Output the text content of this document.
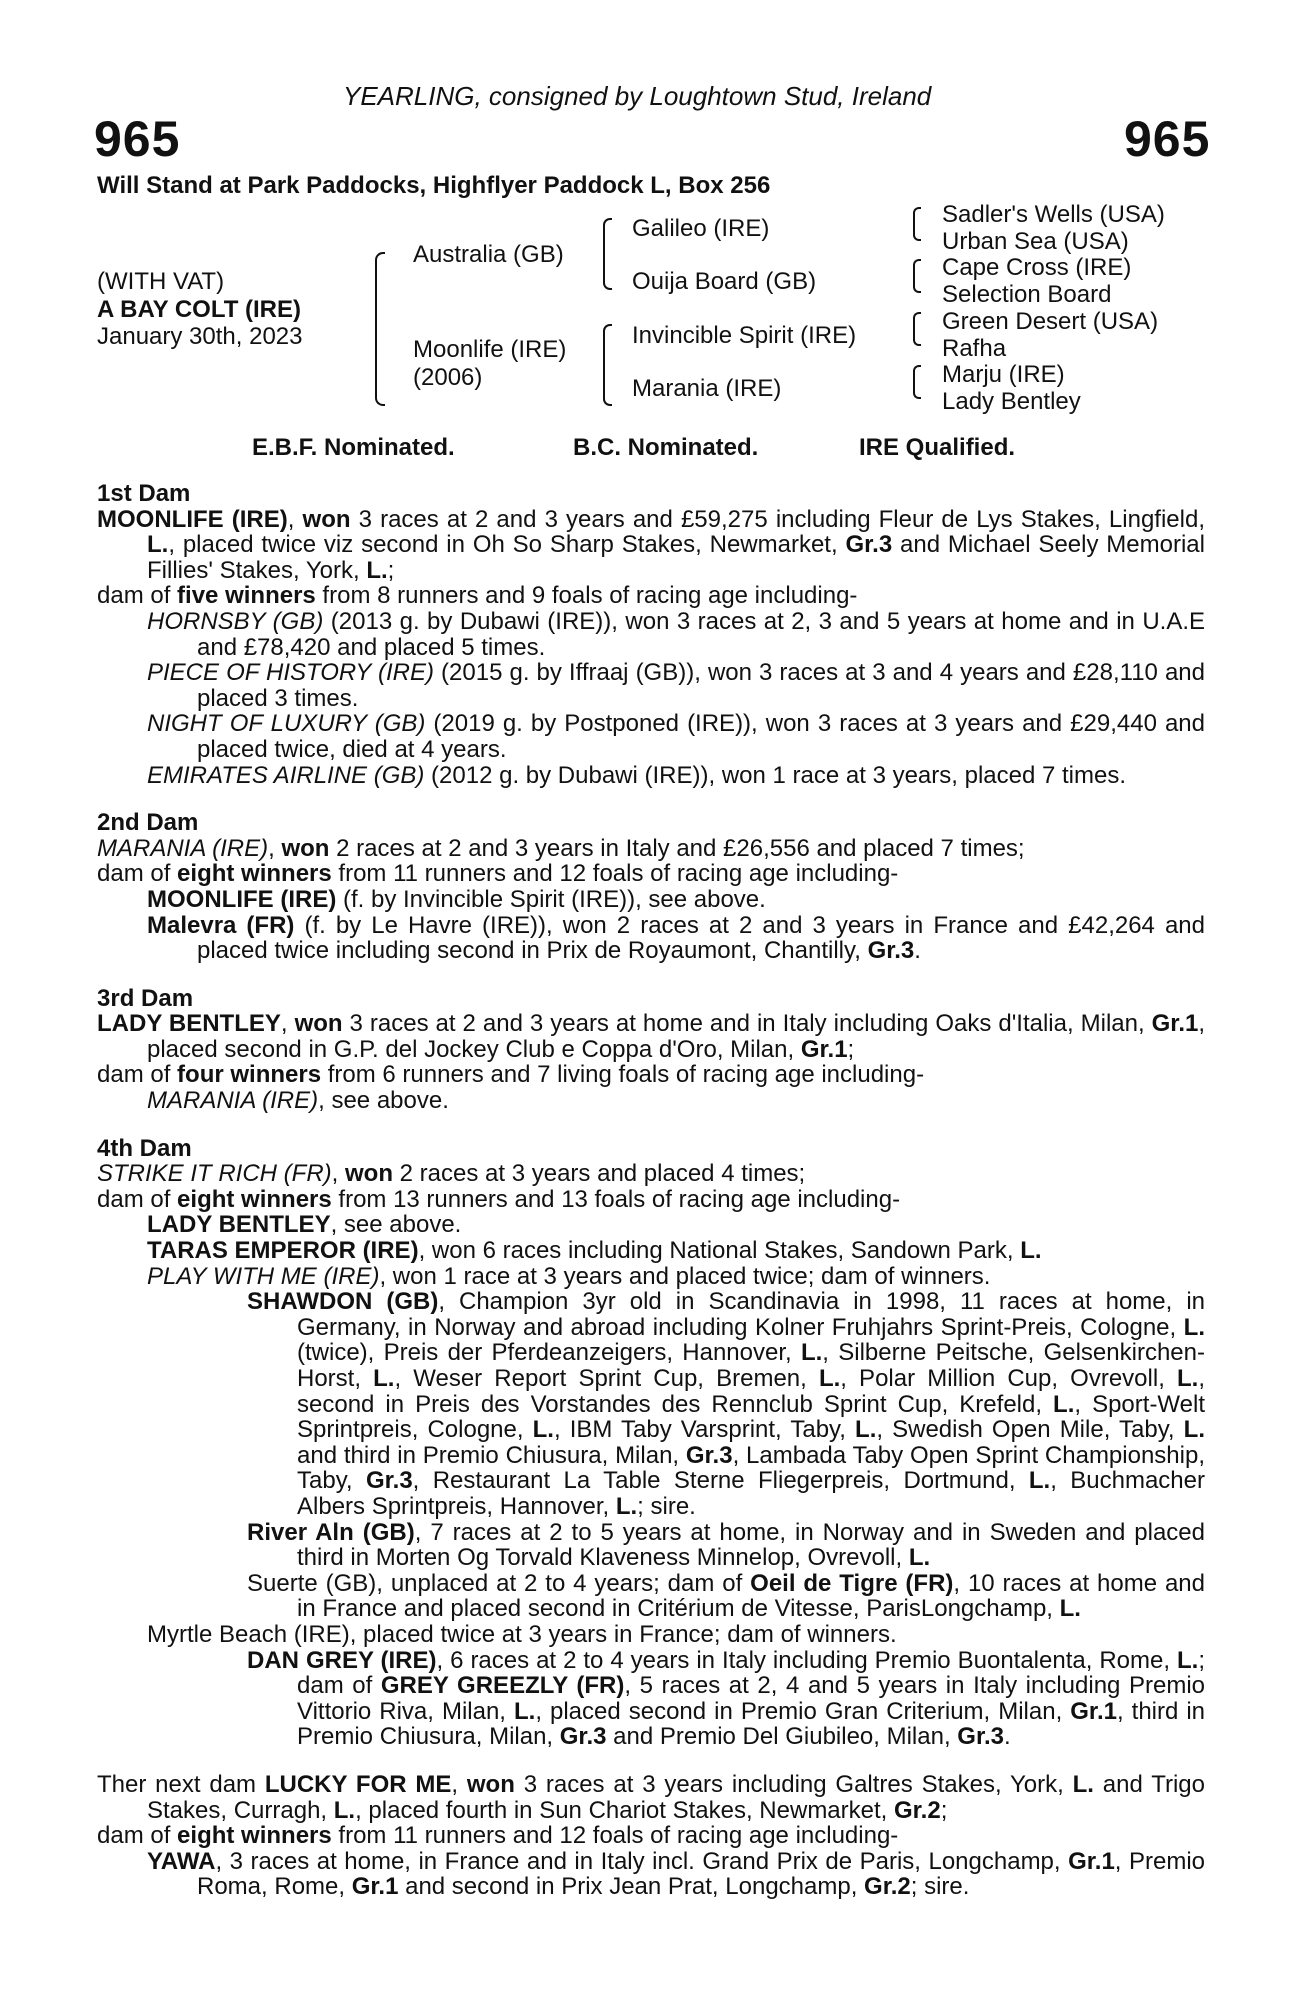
YEARLING, consigned by Loughtown Stud, Ireland
965	965
Will Stand at Park Paddocks, Highflyer Paddock L, Box 256
(WITH VAT)
A BAY COLT (IRE)
January 30th, 2023
Australia (GB)
Moonlife (IRE)
(2006)
Galileo (IRE)
Ouija Board (GB)
Invincible Spirit (IRE)
Marania (IRE)
Sadler's Wells (USA)
Urban Sea (USA)
Cape Cross (IRE)
Selection Board
Green Desert (USA)
Rafha
Marju (IRE)
Lady Bentley
E.B.F. Nominated.	B.C. Nominated.	IRE Qualified.

1st Dam

MOONLIFE (IRE), won 3 races at 2 and 3 years and £59,275 including Fleur de Lys Stakes, Lingfield, L., placed twice viz second in Oh So Sharp Stakes, Newmarket, Gr.3 and Michael Seely Memorial Fillies' Stakes, York, L.;

dam of five winners from 8 runners and 9 foals of racing age including-

HORNSBY (GB) (2013 g. by Dubawi (IRE)), won 3 races at 2, 3 and 5 years at home and in U.A.E and £78,420 and placed 5 times.

PIECE OF HISTORY (IRE) (2015 g. by Iffraaj (GB)), won 3 races at 3 and 4 years and £28,110 and placed 3 times.

NIGHT OF LUXURY (GB) (2019 g. by Postponed (IRE)), won 3 races at 3 years and £29,440 and placed twice, died at 4 years.

EMIRATES AIRLINE (GB) (2012 g. by Dubawi (IRE)), won 1 race at 3 years, placed 7 times.

2nd Dam

MARANIA (IRE), won 2 races at 2 and 3 years in Italy and £26,556 and placed 7 times;

dam of eight winners from 11 runners and 12 foals of racing age including-

MOONLIFE (IRE) (f. by Invincible Spirit (IRE)), see above.

Malevra (FR) (f. by Le Havre (IRE)), won 2 races at 2 and 3 years in France and £42,264 and placed twice including second in Prix de Royaumont, Chantilly, Gr.3.

3rd Dam

LADY BENTLEY, won 3 races at 2 and 3 years at home and in Italy including Oaks d'Italia, Milan, Gr.1, placed second in G.P. del Jockey Club e Coppa d'Oro, Milan, Gr.1;

dam of four winners from 6 runners and 7 living foals of racing age including-

MARANIA (IRE), see above.

4th Dam

STRIKE IT RICH (FR), won 2 races at 3 years and placed 4 times;

dam of eight winners from 13 runners and 13 foals of racing age including-

LADY BENTLEY, see above.

TARAS EMPEROR (IRE), won 6 races including National Stakes, Sandown Park, L.

PLAY WITH ME (IRE), won 1 race at 3 years and placed twice; dam of winners.

SHAWDON (GB), Champion 3yr old in Scandinavia in 1998, 11 races at home, in Germany, in Norway and abroad including Kolner Fruhjahrs Sprint-Preis, Cologne, L. (twice), Preis der Pferdeanzeigers, Hannover, L., Silberne Peitsche, Gelsenkirchen-Horst, L., Weser Report Sprint Cup, Bremen, L., Polar Million Cup, Ovrevoll, L., second in Preis des Vorstandes des Rennclub Sprint Cup, Krefeld, L., Sport-Welt Sprintpreis, Cologne, L., IBM Taby Varsprint, Taby, L., Swedish Open Mile, Taby, L. and third in Premio Chiusura, Milan, Gr.3, Lambada Taby Open Sprint Championship, Taby, Gr.3, Restaurant La Table Sterne Fliegerpreis, Dortmund, L., Buchmacher Albers Sprintpreis, Hannover, L.; sire.

River Aln (GB), 7 races at 2 to 5 years at home, in Norway and in Sweden and placed third in Morten Og Torvald Klaveness Minnelop, Ovrevoll, L.

Suerte (GB), unplaced at 2 to 4 years; dam of Oeil de Tigre (FR), 10 races at home and in France and placed second in Critérium de Vitesse, ParisLongchamp, L.

Myrtle Beach (IRE), placed twice at 3 years in France; dam of winners.

DAN GREY (IRE), 6 races at 2 to 4 years in Italy including Premio Buontalenta, Rome, L.; dam of GREY GREEZLY (FR), 5 races at 2, 4 and 5 years in Italy including Premio Vittorio Riva, Milan, L., placed second in Premio Gran Criterium, Milan, Gr.1, third in Premio Chiusura, Milan, Gr.3 and Premio Del Giubileo, Milan, Gr.3.

Ther next dam LUCKY FOR ME, won 3 races at 3 years including Galtres Stakes, York, L. and Trigo Stakes, Curragh, L., placed fourth in Sun Chariot Stakes, Newmarket, Gr.2;

dam of eight winners from 11 runners and 12 foals of racing age including-

YAWA, 3 races at home, in France and in Italy incl. Grand Prix de Paris, Longchamp, Gr.1, Premio Roma, Rome, Gr.1 and second in Prix Jean Prat, Longchamp, Gr.2; sire.
